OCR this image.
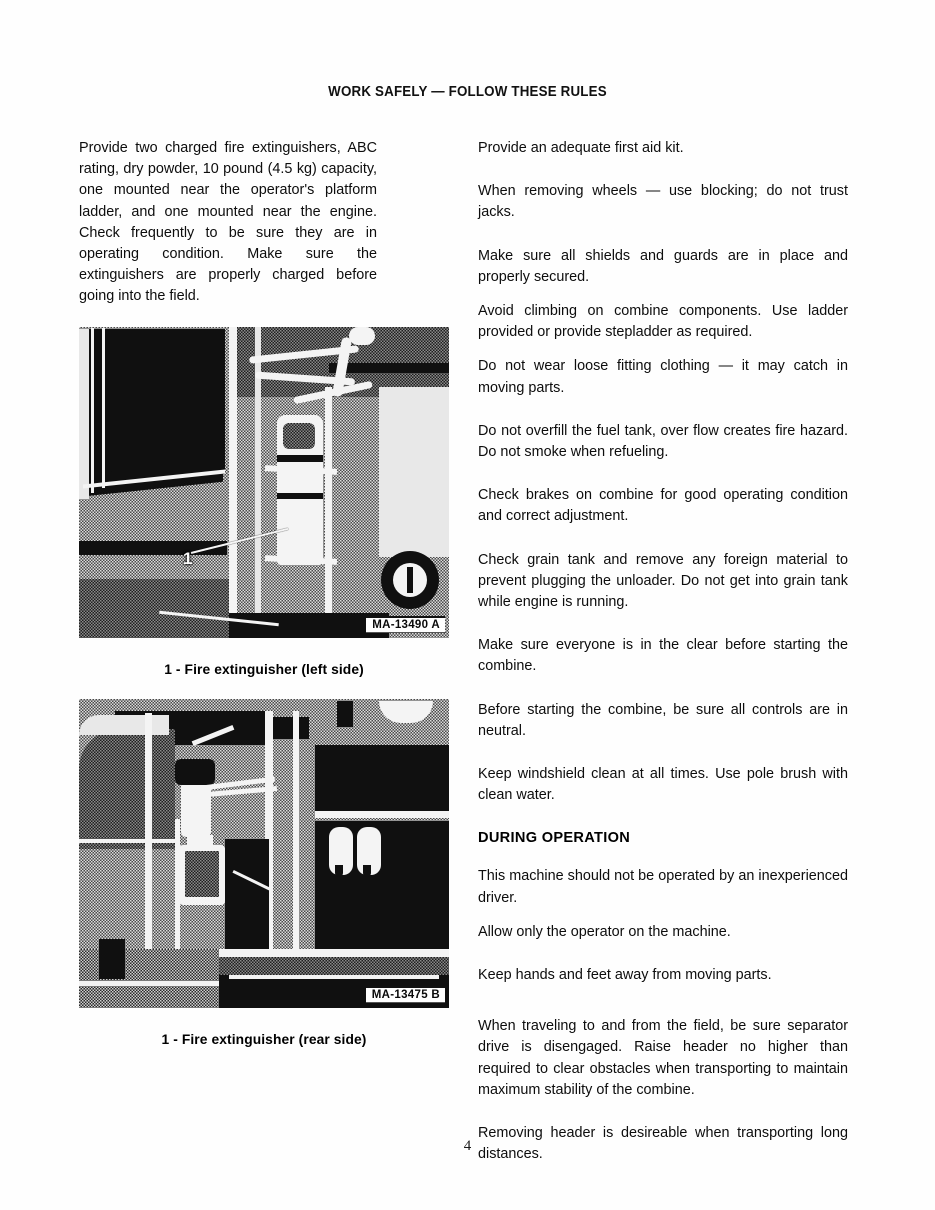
WORK SAFELY — FOLLOW THESE RULES

Provide two charged fire extinguishers, ABC rating, dry powder, 10 pound (4.5 kg) capacity, one mounted near the operator's platform ladder, and one mounted near the engine. Check frequently to be sure they are in operating condition. Make sure the extinguishers are properly charged before going into the field.

1
MA-13490 A
1 - Fire extinguisher (left side)
MA-13475 B
1 - Fire extinguisher (rear side)

Provide an adequate first aid kit.

When removing wheels — use blocking; do not trust jacks.

Make sure all shields and guards are in place and properly secured.

Avoid climbing on combine components. Use ladder provided or provide stepladder as required.

Do not wear loose fitting clothing — it may catch in moving parts.

Do not overfill the fuel tank, over flow creates fire hazard. Do not smoke when refueling.

Check brakes on combine for good operating condition and correct adjustment.

Check grain tank and remove any foreign material to prevent plugging the unloader. Do not get into grain tank while engine is running.

Make sure everyone is in the clear before starting the combine.

Before starting the combine, be sure all controls are in neutral.

Keep windshield clean at all times. Use pole brush with clean water.

DURING OPERATION

This machine should not be operated by an inexperienced driver.

Allow only the operator on the machine.

Keep hands and feet away from moving parts.

When traveling to and from the field, be sure separator drive is disengaged. Raise header no higher than required to clear obstacles when transporting to maintain maximum stability of the combine.

Removing header is desireable when transporting long distances.

4
